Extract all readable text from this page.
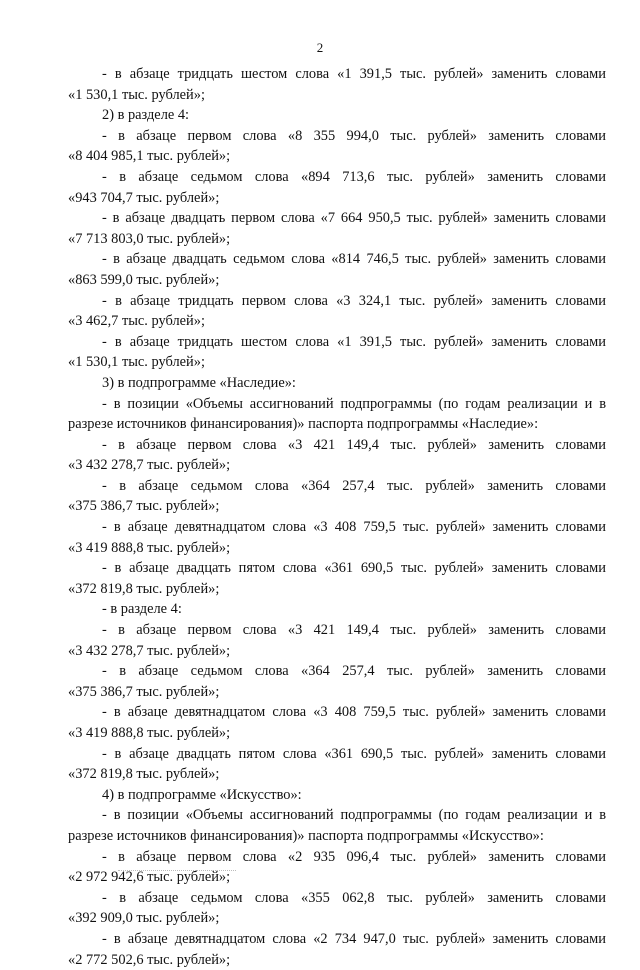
2
- в абзаце тридцать шестом слова «1 391,5 тыс. рублей» заменить словами
«1 530,1 тыс. рублей»;
2) в разделе 4:
- в абзаце первом слова «8 355 994,0 тыс. рублей» заменить словами
«8 404 985,1 тыс. рублей»;
- в абзаце седьмом слова «894 713,6 тыс. рублей» заменить словами
«943 704,7 тыс. рублей»;
- в абзаце двадцать первом слова «7 664 950,5 тыс. рублей» заменить словами
«7 713 803,0 тыс. рублей»;
- в абзаце двадцать седьмом слова «814 746,5 тыс. рублей» заменить словами
«863 599,0 тыс. рублей»;
- в абзаце тридцать первом слова «3 324,1 тыс. рублей» заменить словами
«3 462,7 тыс. рублей»;
- в абзаце тридцать шестом слова «1 391,5 тыс. рублей» заменить словами
«1 530,1 тыс. рублей»;
3) в подпрограмме «Наследие»:
- в позиции «Объемы ассигнований подпрограммы (по годам реализации и в
разрезе источников финансирования)» паспорта подпрограммы «Наследие»:
- в абзаце первом слова «3 421 149,4 тыс. рублей» заменить словами
«3 432 278,7 тыс. рублей»;
- в абзаце седьмом слова «364 257,4 тыс. рублей» заменить словами
«375 386,7 тыс. рублей»;
- в абзаце девятнадцатом слова «3 408 759,5 тыс. рублей» заменить словами
«3 419 888,8 тыс. рублей»;
- в абзаце двадцать пятом слова «361 690,5 тыс. рублей» заменить словами
«372 819,8 тыс. рублей»;
- в разделе 4:
- в абзаце первом слова «3 421 149,4 тыс. рублей» заменить словами
«3 432 278,7 тыс. рублей»;
- в абзаце седьмом слова «364 257,4 тыс. рублей» заменить словами
«375 386,7 тыс. рублей»;
- в абзаце девятнадцатом слова «3 408 759,5 тыс. рублей» заменить словами
«3 419 888,8 тыс. рублей»;
- в абзаце двадцать пятом слова «361 690,5 тыс. рублей» заменить словами
«372 819,8 тыс. рублей»;
4) в подпрограмме «Искусство»:
- в позиции «Объемы ассигнований подпрограммы (по годам реализации и в
разрезе источников финансирования)» паспорта подпрограммы «Искусство»:
- в абзаце первом слова «2 935 096,4 тыс. рублей» заменить словами
«2 972 942,6 тыс. рублей»;
- в абзаце седьмом слова «355 062,8 тыс. рублей» заменить словами
«392 909,0 тыс. рублей»;
- в абзаце девятнадцатом слова «2 734 947,0 тыс. рублей» заменить словами
«2 772 502,6 тыс. рублей»;
